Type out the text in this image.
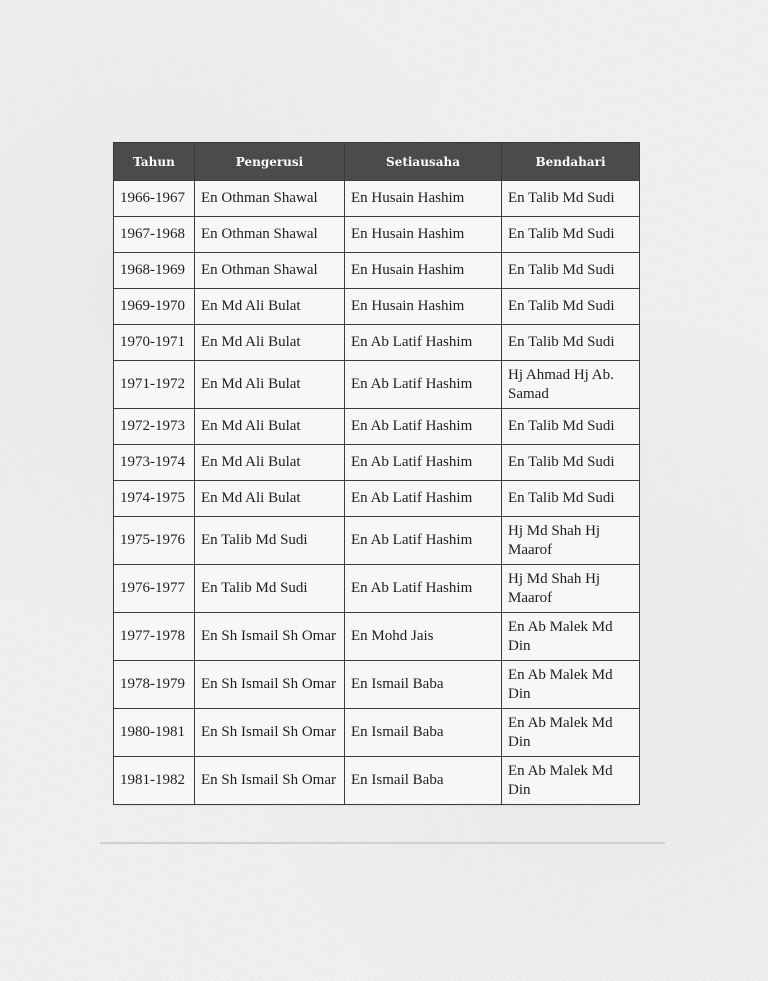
Tahun	Pengerusi	Setiausaha	Bendahari
1966-1967	En Othman Shawal	En Husain Hashim	En Talib Md Sudi
1967-1968	En Othman Shawal	En Husain Hashim	En Talib Md Sudi
1968-1969	En Othman Shawal	En Husain Hashim	En Talib Md Sudi
1969-1970	En Md Ali Bulat	En Husain Hashim	En Talib Md Sudi
1970-1971	En Md Ali Bulat	En Ab Latif Hashim	En Talib Md Sudi
1971-1972	En Md Ali Bulat	En Ab Latif Hashim	Hj Ahmad Hj Ab. Samad
1972-1973	En Md Ali Bulat	En Ab Latif Hashim	En Talib Md Sudi
1973-1974	En Md Ali Bulat	En Ab Latif Hashim	En Talib Md Sudi
1974-1975	En Md Ali Bulat	En Ab Latif Hashim	En Talib Md Sudi
1975-1976	En Talib Md Sudi	En Ab Latif Hashim	Hj Md Shah Hj Maarof
1976-1977	En Talib Md Sudi	En Ab Latif Hashim	Hj Md Shah Hj Maarof
1977-1978	En Sh Ismail Sh Omar	En Mohd Jais	En Ab Malek Md Din
1978-1979	En Sh Ismail Sh Omar	En Ismail Baba	En Ab Malek Md Din
1980-1981	En Sh Ismail Sh Omar	En Ismail Baba	En Ab Malek Md Din
1981-1982	En Sh Ismail Sh Omar	En Ismail Baba	En Ab Malek Md Din
